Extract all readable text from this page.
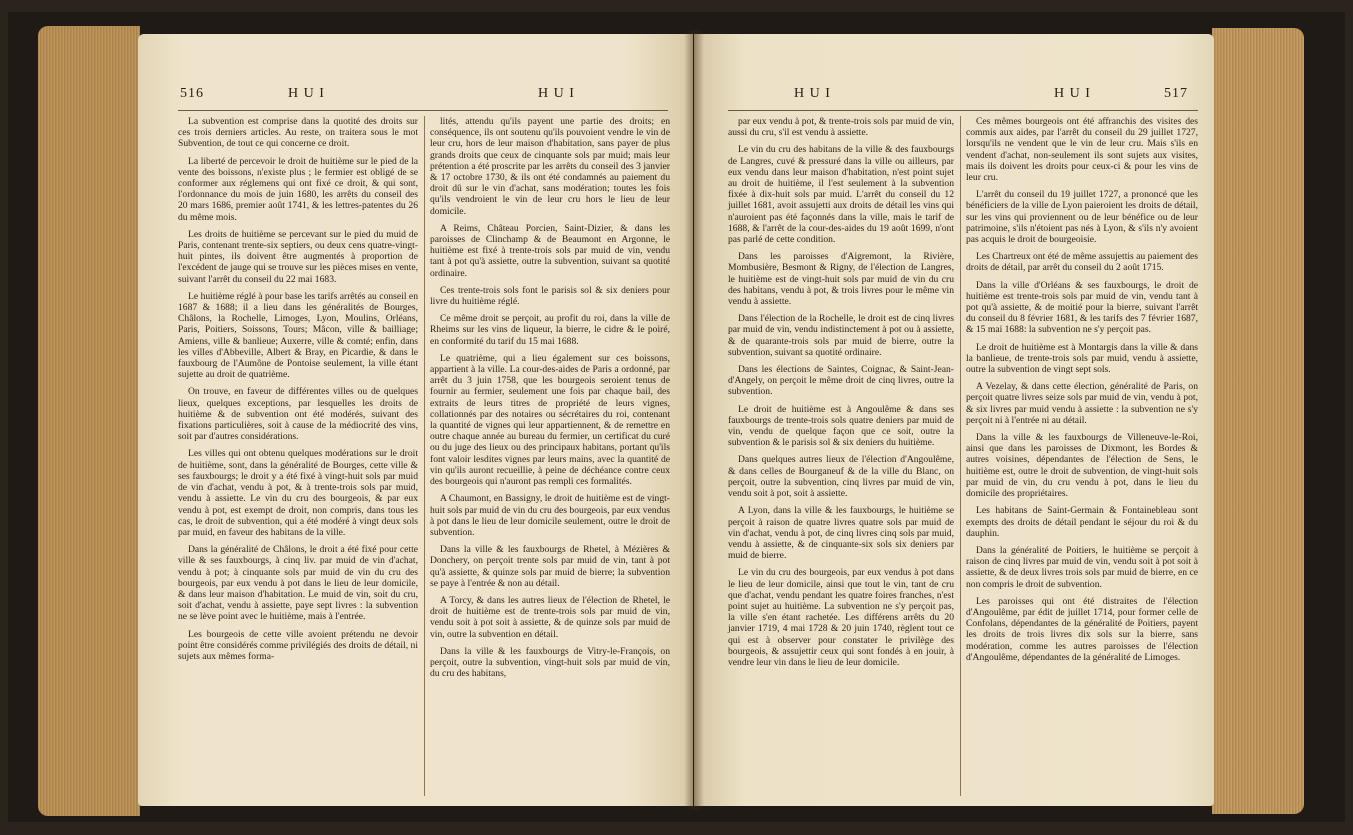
516	H U I	H U I

La subvention est comprise dans la quotité des droits sur ces trois derniers articles. Au reste, on traitera sous le mot Subvention, de tout ce qui concerne ce droit.

La liberté de percevoir le droit de huitième sur le pied de la vente des boissons, n'existe plus ; le fermier est obligé de se conformer aux réglemens qui ont fixé ce droit, & qui sont, l'ordonnance du mois de juin 1680, les arrêts du conseil des 20 mars 1686, premier août 1741, & les lettres-patentes du 26 du même mois.

Les droits de huitième se percevant sur le pied du muid de Paris, contenant trente-six septiers, ou deux cens quatre-vingt-huit pintes, ils doivent être augmentés à proportion de l'excédent de jauge qui se trouve sur les pièces mises en vente, suivant l'arrêt du conseil du 22 mai 1683.

Le huitième réglé à pour base les tarifs arrêtés au conseil en 1687 & 1688; il a lieu dans les généralités de Bourges, Châlons, la Rochelle, Limoges, Lyon, Moulins, Orléans, Paris, Poitiers, Soissons, Tours; Mâcon, ville & bailliage; Amiens, ville & banlieue; Auxerre, ville & comté; enfin, dans les villes d'Abbeville, Albert & Bray, en Picardie, & dans le fauxbourg de l'Aumône de Pontoise seulement, la ville étant sujette au droit de quatrième.

On trouve, en faveur de différentes villes ou de quelques lieux, quelques exceptions, par lesquelles les droits de huitième & de subvention ont été modérés, suivant des fixations particulières, soit à cause de la médiocrité des vins, soit par d'autres considérations.

Les villes qui ont obtenu quelques modérations sur le droit de huitième, sont, dans la généralité de Bourges, cette ville & ses fauxbourgs; le droit y a été fixé à vingt-huit sols par muid de vin d'achat, vendu à pot, & à trente-trois sols par muid, vendu à assiette. Le vin du cru des bourgeois, & par eux vendu à pot, est exempt de droit, non compris, dans tous les cas, le droit de subvention, qui a été modéré à vingt deux sols par muid, en faveur des habitans de la ville.

Dans la généralité de Châlons, le droit a été fixé pour cette ville & ses fauxbourgs, à cinq liv. par muid de vin d'achat, vendu à pot; à cinquante sols par muid de vin du cru des bourgeois, par eux vendu à pot dans le lieu de leur domicile, & dans leur maison d'habitation. Le muid de vin, soit du cru, soit d'achat, vendu à assiette, paye sept livres : la subvention ne se lève point avec le huitième, mais à l'entrée.

Les bourgeois de cette ville avoient prétendu ne devoir point être considérés comme privilégiés des droits de détail, ni sujets aux mêmes forma-

lités, attendu qu'ils payent une partie des droits; en conséquence, ils ont soutenu qu'ils pouvoient vendre le vin de leur cru, hors de leur maison d'habitation, sans payer de plus grands droits que ceux de cinquante sols par muid; mais leur prétention a été proscrite par les arrêts du conseil des 3 janvier & 17 octobre 1730, & ils ont été condamnés au paiement du droit dû sur le vin d'achat, sans modération; toutes les fois qu'ils vendroient le vin de leur cru hors le lieu de leur domicile.

A Reims, Château Porcien, Saint-Dizier, & dans les paroisses de Clinchamp & de Beaumont en Argonne, le huitième est fixé à trente-trois sols par muid de vin, vendu tant à pot qu'à assiette, outre la subvention, suivant sa quotité ordinaire.

Ces trente-trois sols font le parisis sol & six deniers pour livre du huitième réglé.

Ce même droit se perçoit, au profit du roi, dans la ville de Rheims sur les vins de liqueur, la bierre, le cidre & le poiré, en conformité du tarif du 15 mai 1688.

Le quatrième, qui a lieu également sur ces boissons, appartient à la ville. La cour-des-aides de Paris a ordonné, par arrêt du 3 juin 1758, que les bourgeois seroient tenus de fournir au fermier, seulement une fois par chaque bail, des extraits de leurs titres de propriété de leurs vignes, collationnés par des notaires ou sécrétaires du roi, contenant la quantité de vignes qui leur appartiennent, & de remettre en outre chaque année au bureau du fermier, un certificat du curé ou du juge des lieux ou des principaux habitans, portant qu'ils font valoir lesdites vignes par leurs mains, avec la quantité de vin qu'ils auront recueillie, à peine de déchéance contre ceux des bourgeois qui n'auront pas rempli ces formalités.

A Chaumont, en Bassigny, le droit de huitième est de vingt-huit sols par muid de vin du cru des bourgeois, par eux vendus à pot dans le lieu de leur domicile seulement, outre le droit de subvention.

Dans la ville & les fauxbourgs de Rhetel, à Mézières & Donchery, on perçoit trente sols par muid de vin, tant à pot qu'à assiette, & quinze sols par muid de bierre; la subvention se paye à l'entrée & non au détail.

A Torcy, & dans les autres lieux de l'élection de Rhetel, le droit de huitième est de trente-trois sols par muid de vin, vendu soit à pot soit à assiette, & de quinze sols par muid de vin, outre la subvention en détail.

Dans la ville & les fauxbourgs de Vitry-le-François, on perçoit, outre la subvention, vingt-huit sols par muid de vin, du cru des habitans,

H U I	H U I	517

par eux vendu à pot, & trente-trois sols par muid de vin, aussi du cru, s'il est vendu à assiette.

Le vin du cru des habitans de la ville & des fauxbourgs de Langres, cuvé & pressuré dans la ville ou ailleurs, par eux vendu dans leur maison d'habitation, n'est point sujet au droit de huitième, il l'est seulement à la subvention fixée à dix-huit sols par muid. L'arrêt du conseil du 12 juillet 1681, avoit assujetti aux droits de détail les vins qui n'auroient pas été façonnés dans la ville, mais le tarif de 1688, & l'arrêt de la cour-des-aides du 19 août 1699, n'ont pas parlé de cette condition.

Dans les paroisses d'Aigremont, la Rivière, Mombusière, Besmont & Rigny, de l'élection de Langres, le huitième est de vingt-huit sols par muid de vin du cru des habitans, vendu à pot, & trois livres pour le même vin vendu à assiette.

Dans l'élection de la Rochelle, le droit est de cinq livres par muid de vin, vendu indistinctement à pot ou à assiette, & de quarante-trois sols par muid de bierre, outre la subvention, suivant sa quotité ordinaire.

Dans les élections de Saintes, Coignac, & Saint-Jean-d'Angely, on perçoit le même droit de cinq livres, outre la subvention.

Le droit de huitième est à Angoulême & dans ses fauxbourgs de trente-trois sols quatre deniers par muid de vin, vendu de quelque façon que ce soit, outre la subvention & le parisis sol & six deniers du huitième.

Dans quelques autres lieux de l'élection d'Angoulême, & dans celles de Bourganeuf & de la ville du Blanc, on perçoit, outre la subvention, cinq livres par muid de vin, vendu soit à pot, soit à assiette.

A Lyon, dans la ville & les fauxbourgs, le huitième se perçoit à raison de quatre livres quatre sols par muid de vin d'achat, vendu à pot, de cinq livres cinq sols par muid, vendu à assiette, & de cinquante-six sols six deniers par muid de bierre.

Le vin du cru des bourgeois, par eux vendus à pot dans le lieu de leur domicile, ainsi que tout le vin, tant de cru que d'achat, vendu pendant les quatre foires franches, n'est point sujet au huitième. La subvention ne s'y perçoit pas, la ville s'en étant rachetée. Les différens arrêts du 20 janvier 1719, 4 mai 1728 & 20 juin 1740, règlent tout ce qui est à observer pour constater le privilège des bourgeois, & assujettir ceux qui sont fondés à en jouir, à vendre leur vin dans le lieu de leur domicile.

Ces mêmes bourgeois ont été affranchis des visites des commis aux aides, par l'arrêt du conseil du 29 juillet 1727, lorsqu'ils ne vendent que le vin de leur cru. Mais s'ils en vendent d'achat, non-seulement ils sont sujets aux visites, mais ils doivent les droits pour ceux-ci & pour les vins de leur cru.

L'arrêt du conseil du 19 juillet 1727, a prononcé que les bénéficiers de la ville de Lyon paieroient les droits de détail, sur les vins qui proviennent ou de leur bénéfice ou de leur patrimoine, s'ils n'étoient pas nés à Lyon, & s'ils n'y avoient pas acquis le droit de bourgeoisie.

Les Chartreux ont été de même assujettis au paiement des droits de détail, par arrêt du conseil du 2 août 1715.

Dans la ville d'Orléans & ses fauxbourgs, le droit de huitième est trente-trois sols par muid de vin, vendu tant à pot qu'à assiette, & de moitié pour la bierre, suivant l'arrêt du conseil du 8 février 1681, & les tarifs des 7 février 1687, & 15 mai 1688: la subvention ne s'y perçoit pas.

Le droit de huitième est à Montargis dans la ville & dans la banlieue, de trente-trois sols par muid, vendu à assiette, outre la subvention de vingt sept sols.

A Vezelay, & dans cette élection, généralité de Paris, on perçoit quatre livres seize sols par muid de vin, vendu à pot, & six livres par muid vendu à assiette : la subvention ne s'y perçoit ni à l'entrée ni au détail.

Dans la ville & les fauxbourgs de Villeneuve-le-Roi, ainsi que dans les paroisses de Dixmont, les Bordes & autres voisines, dépendantes de l'élection de Sens, le huitième est, outre le droit de subvention, de vingt-huit sols par muid de vin, du cru vendu à pot, dans le lieu du domicile des propriétaires.

Les habitans de Saint-Germain & Fontainebleau sont exempts des droits de détail pendant le séjour du roi & du dauphin.

Dans la généralité de Poitiers, le huitième se perçoit à raison de cinq livres par muid de vin, vendu soit à pot soit à assiette, & de deux livres trois sols par muid de bierre, en ce non compris le droit de subvention.

Les paroisses qui ont été distraites de l'élection d'Angoulême, par édit de juillet 1714, pour former celle de Confolans, dépendantes de la généralité de Poitiers, payent les droits de trois livres dix sols sur la bierre, sans modération, comme les autres paroisses de l'élection d'Angoulême, dépendantes de la généralité de Limoges.
